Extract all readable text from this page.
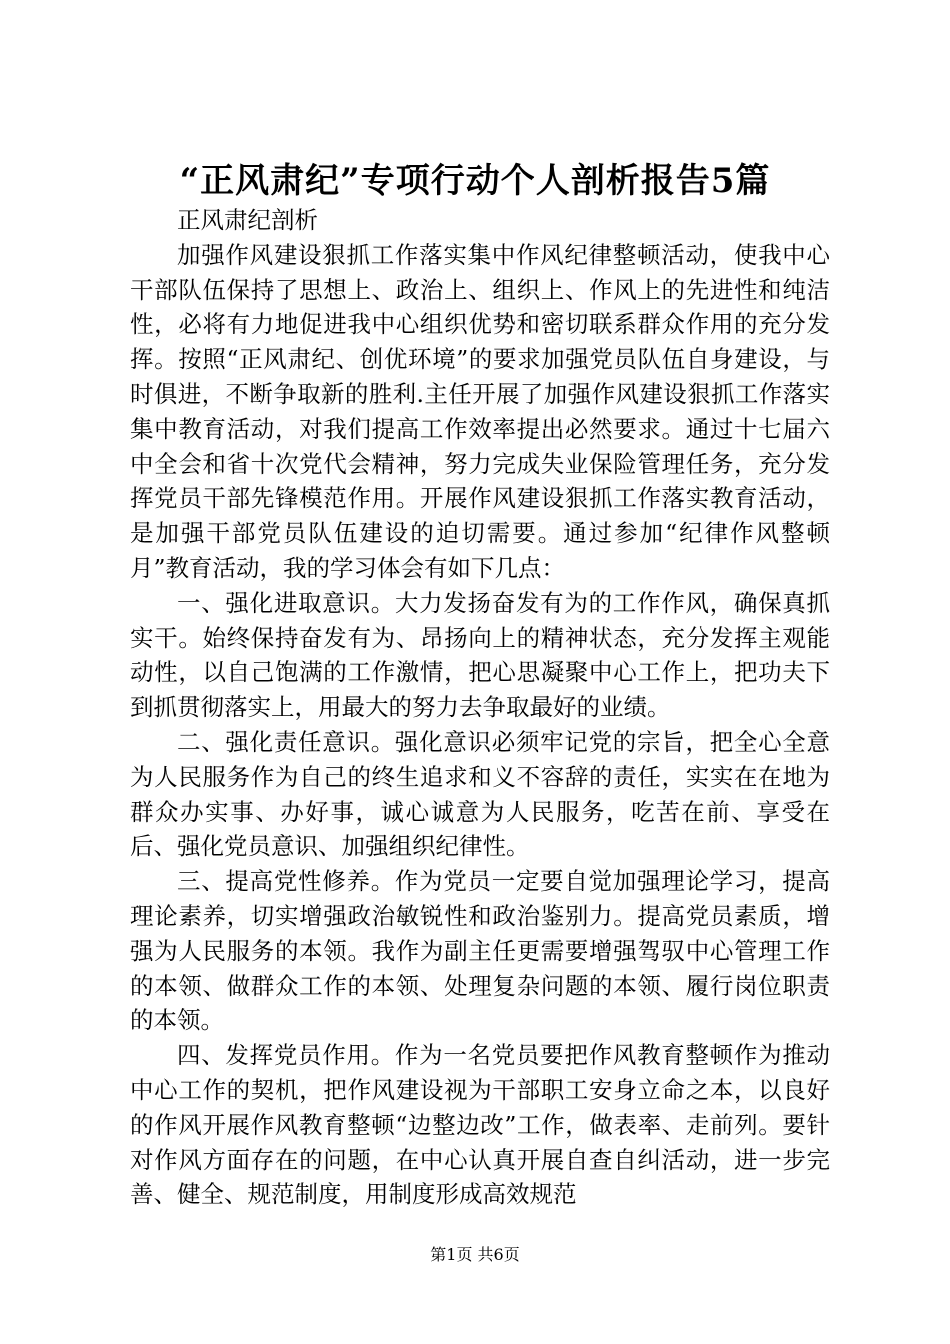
“正风肃纪”专项行动个人剖析报告5篇

正风肃纪剖析

加强作风建设狠抓工作落实集中作风纪律整顿活动，使我中心干部队伍保持了思想上、政治上、组织上、作风上的先进性和纯洁性，必将有力地促进我中心组织优势和密切联系群众作用的充分发挥。按照“正风肃纪、创优环境”的要求加强党员队伍自身建设，与时俱进，不断争取新的胜利.主任开展了加强作风建设狠抓工作落实集中教育活动，对我们提高工作效率提出必然要求。通过十七届六中全会和省十次党代会精神，努力完成失业保险管理任务，充分发挥党员干部先锋模范作用。开展作风建设狠抓工作落实教育活动，是加强干部党员队伍建设的迫切需要。通过参加“纪律作风整顿月”教育活动，我的学习体会有如下几点：

一、强化进取意识。大力发扬奋发有为的工作作风，确保真抓实干。始终保持奋发有为、昂扬向上的精神状态，充分发挥主观能动性，以自己饱满的工作激情，把心思凝聚中心工作上，把功夫下到抓贯彻落实上，用最大的努力去争取最好的业绩。

二、强化责任意识。强化意识必须牢记党的宗旨，把全心全意为人民服务作为自己的终生追求和义不容辞的责任，实实在在地为群众办实事、办好事，诚心诚意为人民服务，吃苦在前、享受在后、强化党员意识、加强组织纪律性。

三、提高党性修养。作为党员一定要自觉加强理论学习，提高理论素养，切实增强政治敏锐性和政治鉴别力。提高党员素质，增强为人民服务的本领。我作为副主任更需要增强驾驭中心管理工作的本领、做群众工作的本领、处理复杂问题的本领、履行岗位职责的本领。

四、发挥党员作用。作为一名党员要把作风教育整顿作为推动中心工作的契机，把作风建设视为干部职工安身立命之本，以良好的作风开展作风教育整顿“边整边改”工作，做表率、走前列。要针对作风方面存在的问题，在中心认真开展自查自纠活动，进一步完善、健全、规范制度，用制度形成高效规范

第1页 共6页
